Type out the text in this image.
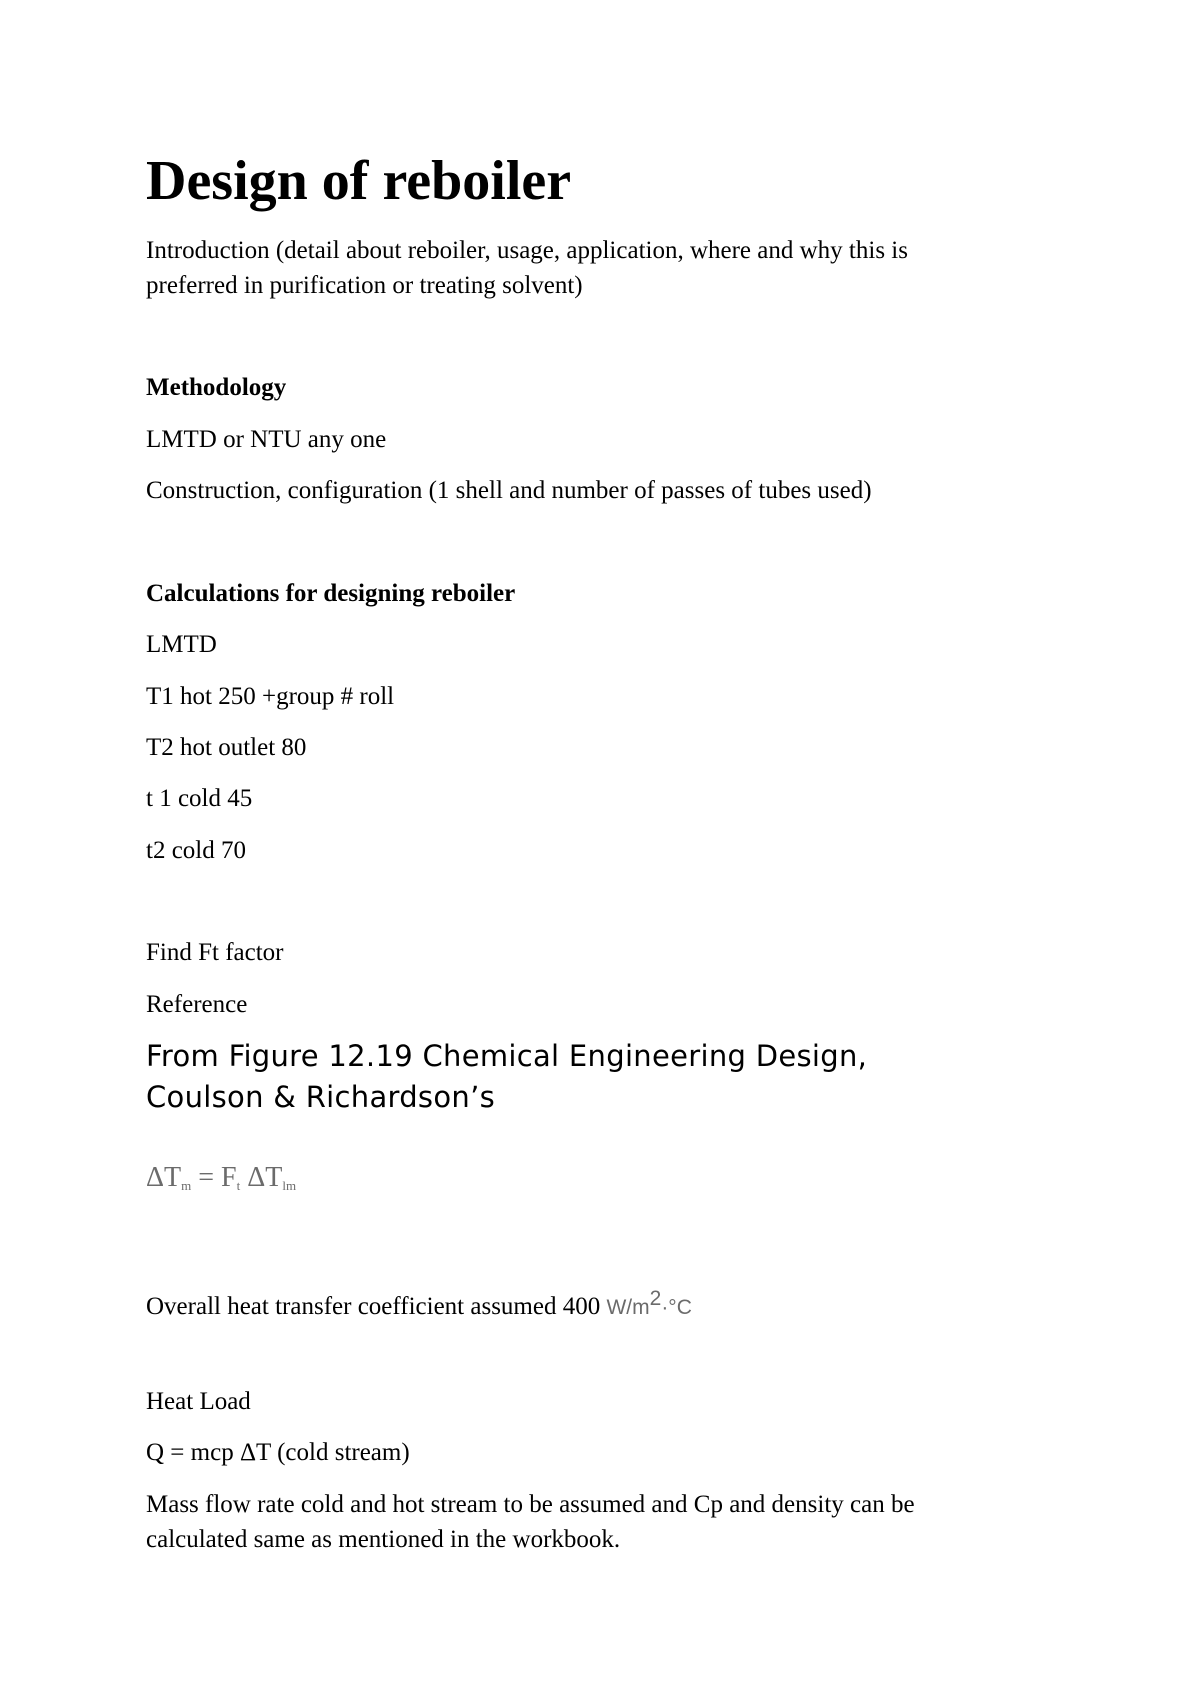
Design of reboiler
Introduction (detail about reboiler, usage, application, where and why this is
preferred in purification or treating solvent)
Methodology
LMTD or NTU any one
Construction, configuration (1 shell and number of passes of tubes used)
Calculations for designing reboiler
LMTD
T1 hot 250 +group # roll
T2 hot outlet 80
t 1 cold 45
t2 cold 70
Find Ft factor
Reference
From Figure 12.19 Chemical Engineering Design,
Coulson & Richardson’s
$\Delta T_m = F_t$ $\Delta T_{lm}$
Overall heat transfer coefficient assumed 400 $W/m^2\cdot^\circ C$
Heat Load
Q = mcp ΔT (cold stream)
Mass flow rate cold and hot stream to be assumed and Cp and density can be
calculated same as mentioned in the workbook.
